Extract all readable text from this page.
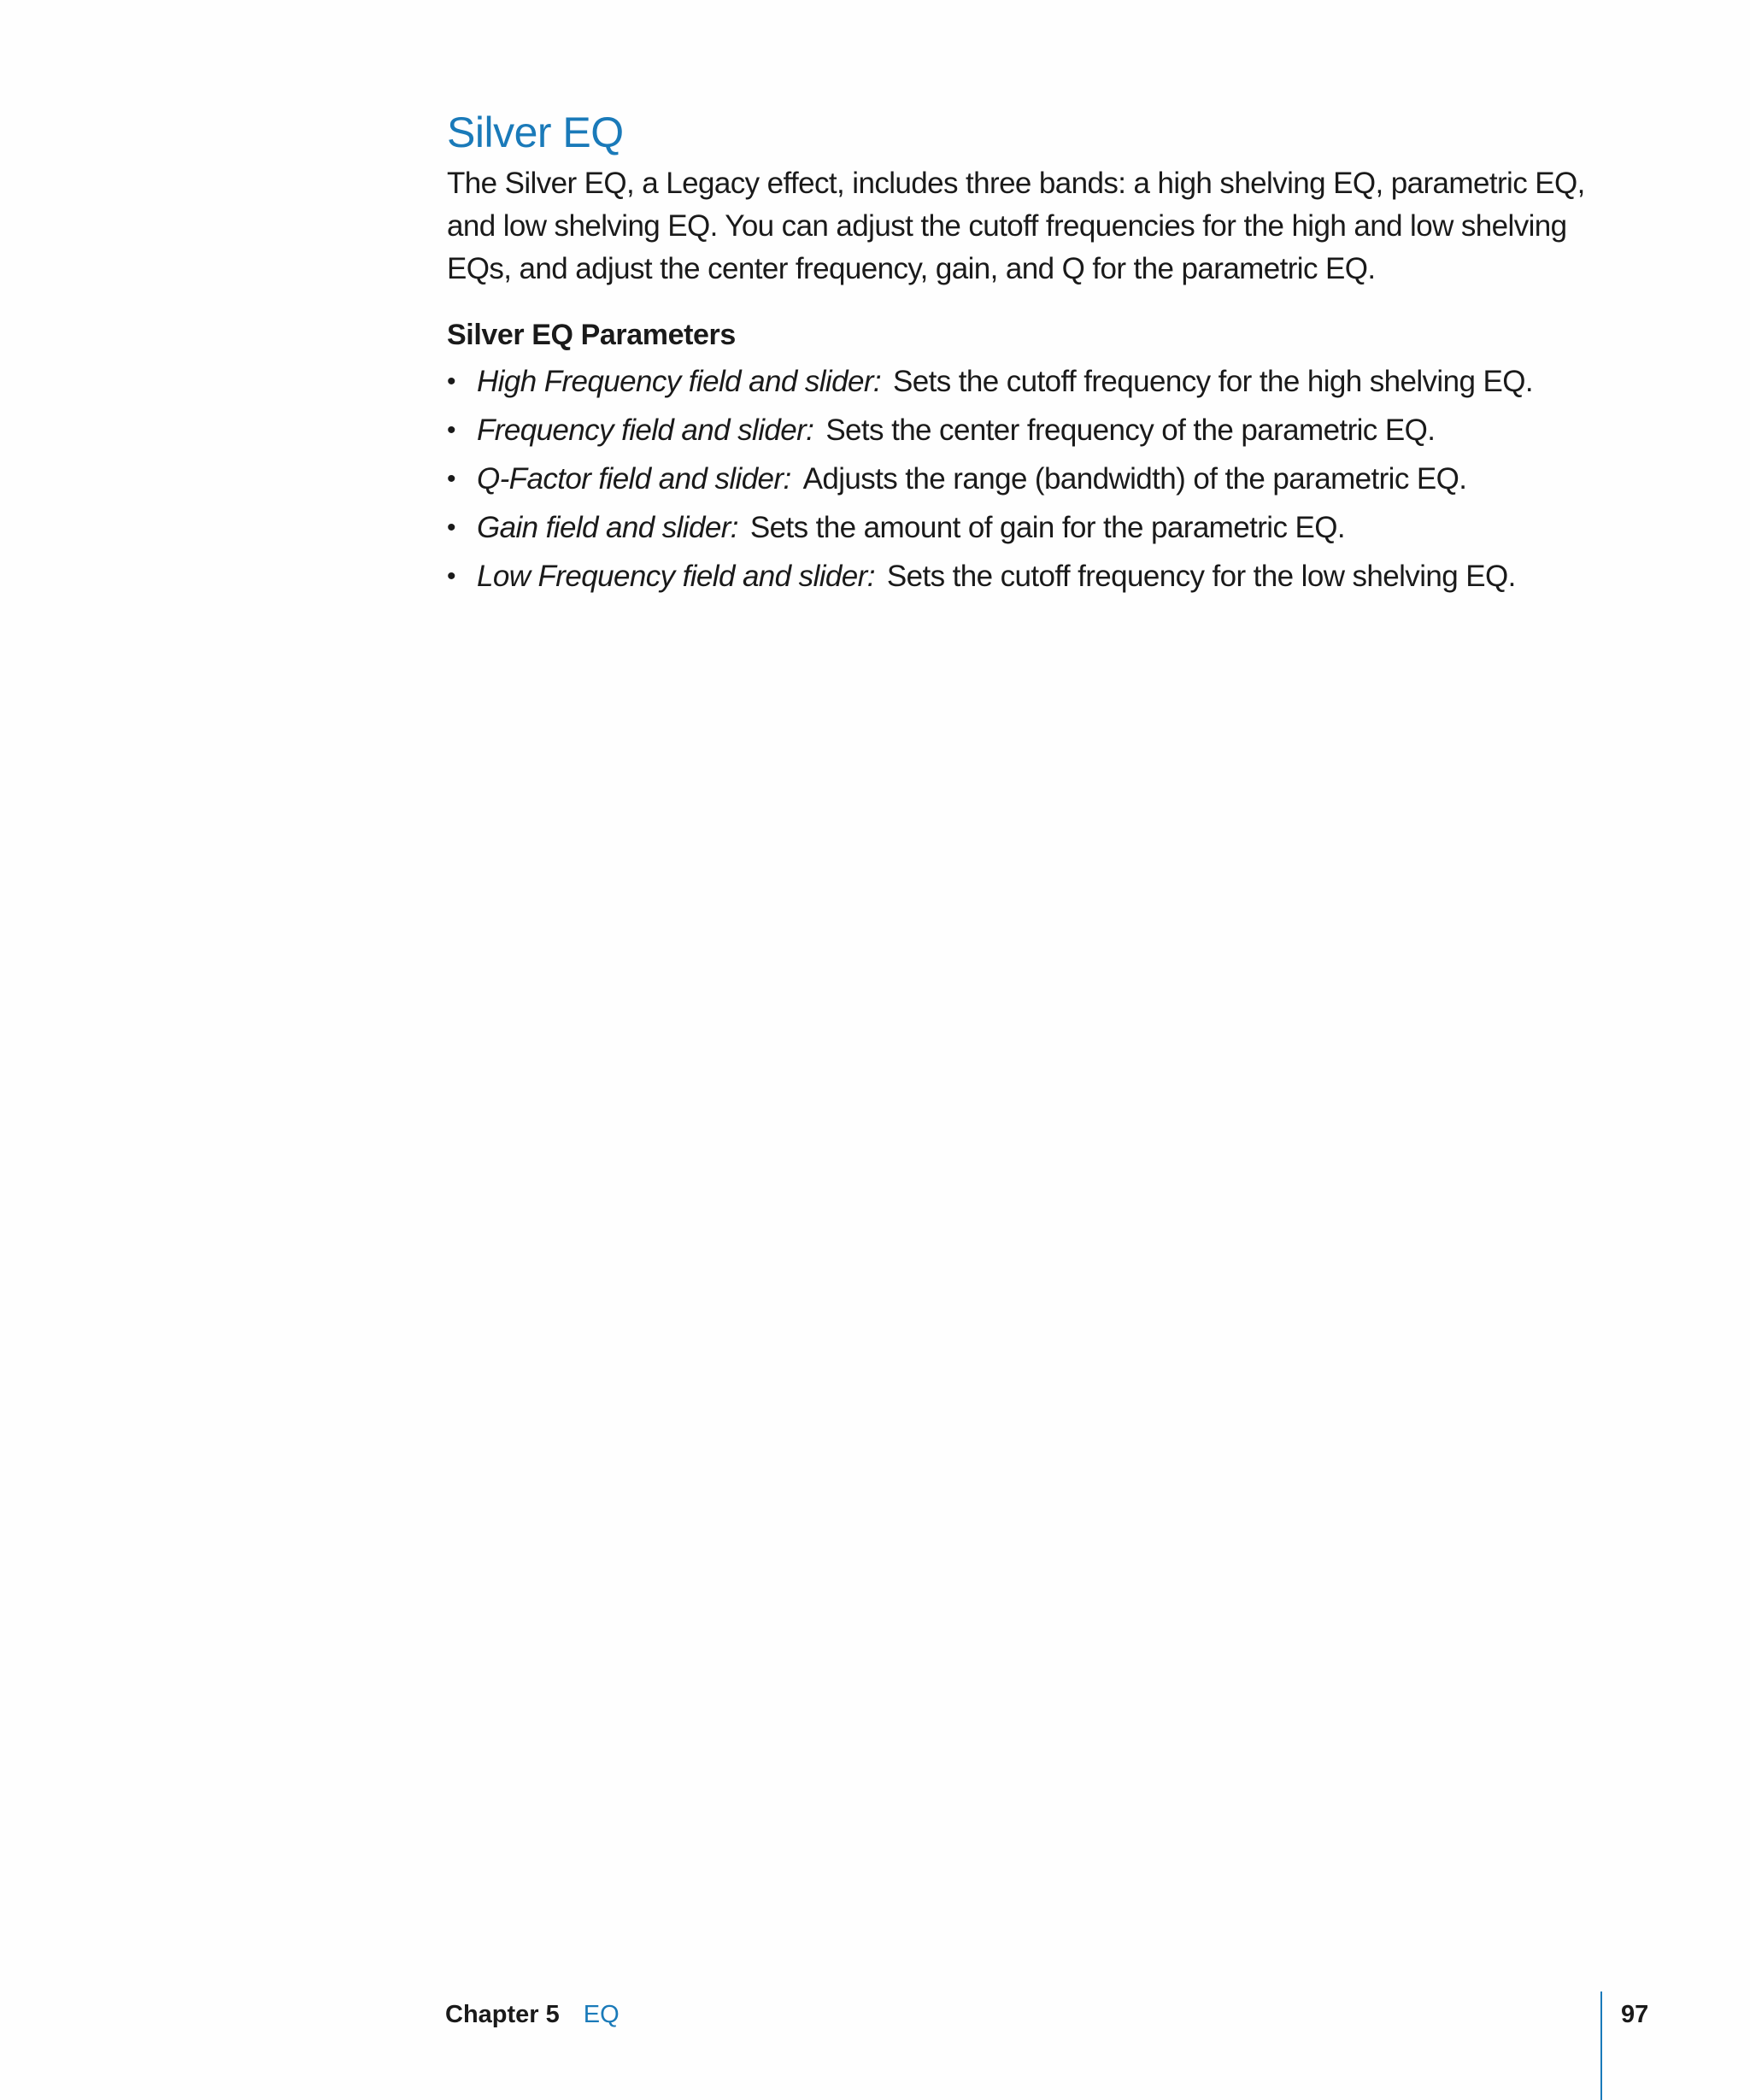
Silver EQ

The Silver EQ, a Legacy effect, includes three bands: a high shelving EQ, parametric EQ, and low shelving EQ. You can adjust the cutoff frequencies for the high and low shelving EQs, and adjust the center frequency, gain, and Q for the parametric EQ.

Silver EQ Parameters
• High Frequency field and slider: Sets the cutoff frequency for the high shelving EQ.
• Frequency field and slider: Sets the center frequency of the parametric EQ.
• Q-Factor field and slider: Adjusts the range (bandwidth) of the parametric EQ.
• Gain field and slider: Sets the amount of gain for the parametric EQ.
• Low Frequency field and slider: Sets the cutoff frequency for the low shelving EQ.
Chapter 5 EQ	97
